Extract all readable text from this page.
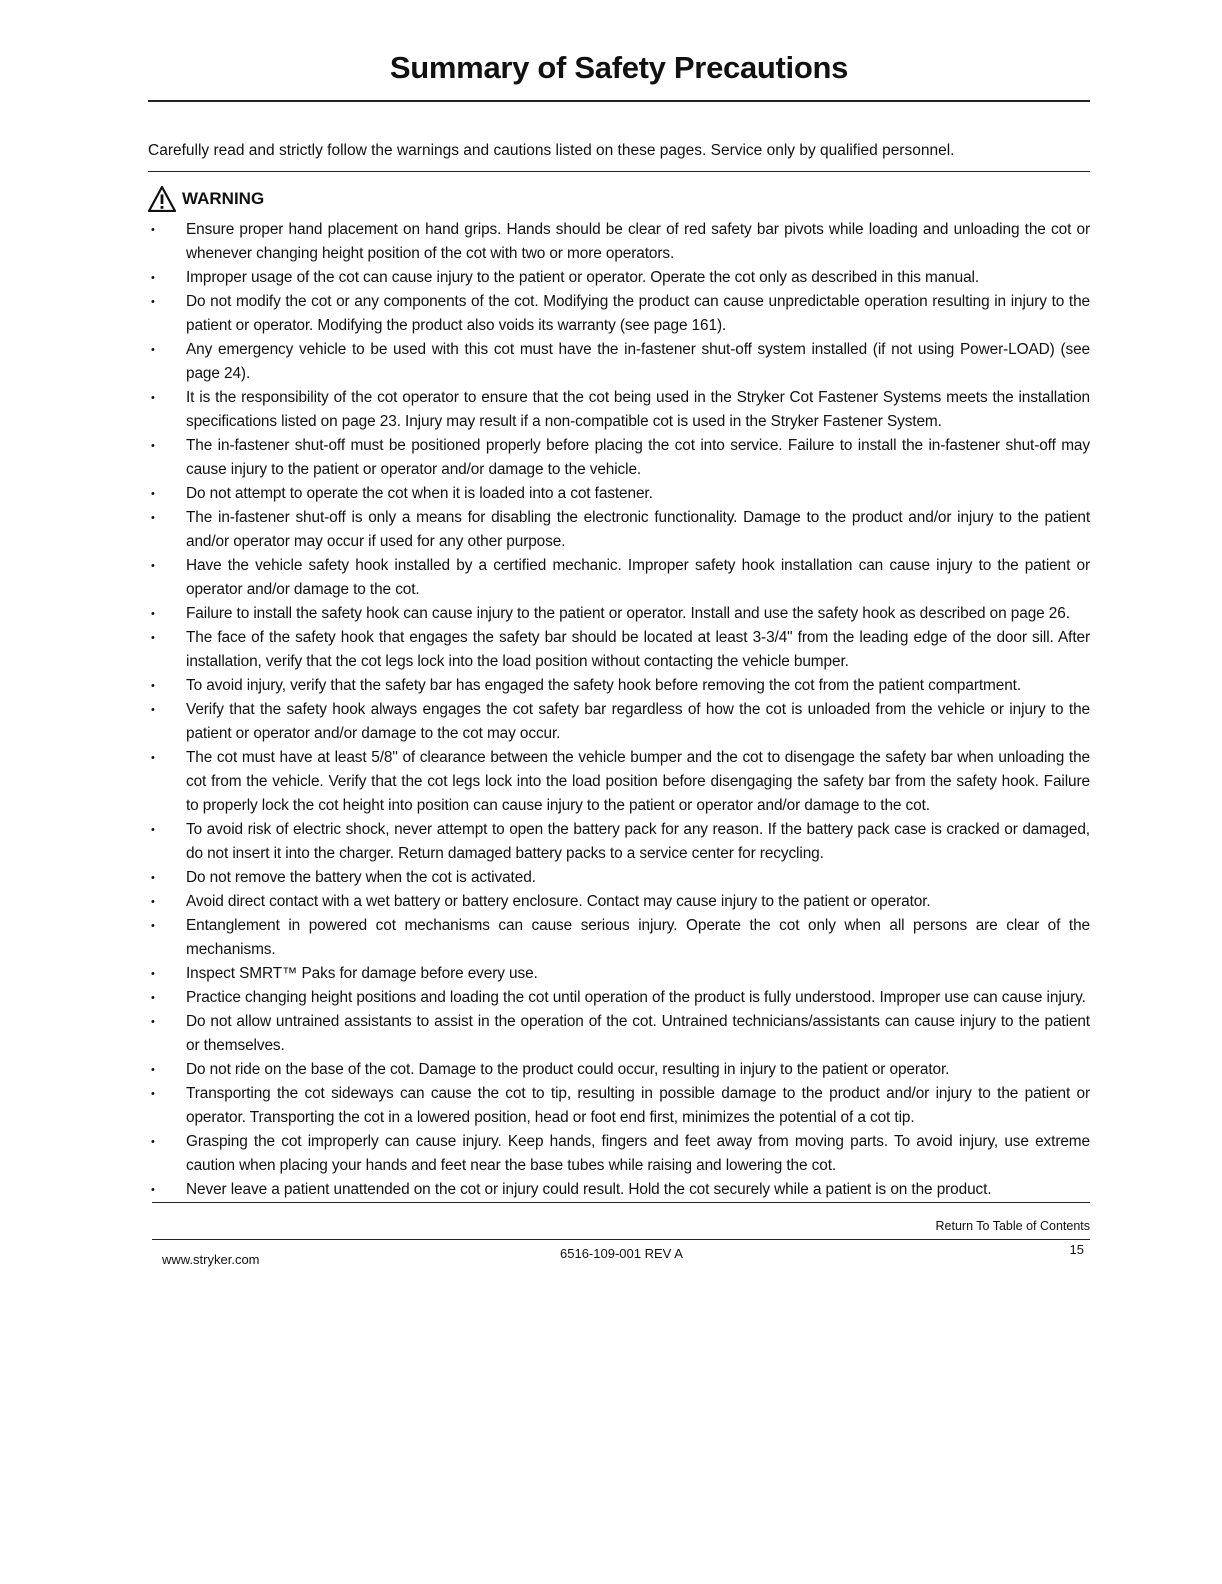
Summary of Safety Precautions

Carefully read and strictly follow the warnings and cautions listed on these pages. Service only by qualified personnel.

WARNING
• Ensure proper hand placement on hand grips. Hands should be clear of red safety bar pivots while loading and unloading the cot or whenever changing height position of the cot with two or more operators.
• Improper usage of the cot can cause injury to the patient or operator. Operate the cot only as described in this manual.
• Do not modify the cot or any components of the cot. Modifying the product can cause unpredictable operation resulting in injury to the patient or operator. Modifying the product also voids its warranty (see page 161).
• Any emergency vehicle to be used with this cot must have the in-fastener shut-off system installed (if not using Power-LOAD) (see page 24).
• It is the responsibility of the cot operator to ensure that the cot being used in the Stryker Cot Fastener Systems meets the installation specifications listed on page 23. Injury may result if a non-compatible cot is used in the Stryker Fastener System.
• The in-fastener shut-off must be positioned properly before placing the cot into service. Failure to install the in-fastener shut-off may cause injury to the patient or operator and/or damage to the vehicle.
• Do not attempt to operate the cot when it is loaded into a cot fastener.
• The in-fastener shut-off is only a means for disabling the electronic functionality. Damage to the product and/or injury to the patient and/or operator may occur if used for any other purpose.
• Have the vehicle safety hook installed by a certified mechanic. Improper safety hook installation can cause injury to the patient or operator and/or damage to the cot.
• Failure to install the safety hook can cause injury to the patient or operator. Install and use the safety hook as described on page 26.
• The face of the safety hook that engages the safety bar should be located at least 3-3/4" from the leading edge of the door sill. After installation, verify that the cot legs lock into the load position without contacting the vehicle bumper.
• To avoid injury, verify that the safety bar has engaged the safety hook before removing the cot from the patient compartment.
• Verify that the safety hook always engages the cot safety bar regardless of how the cot is unloaded from the vehicle or injury to the patient or operator and/or damage to the cot may occur.
• The cot must have at least 5/8" of clearance between the vehicle bumper and the cot to disengage the safety bar when unloading the cot from the vehicle. Verify that the cot legs lock into the load position before disengaging the safety bar from the safety hook. Failure to properly lock the cot height into position can cause injury to the patient or operator and/or damage to the cot.
• To avoid risk of electric shock, never attempt to open the battery pack for any reason. If the battery pack case is cracked or damaged, do not insert it into the charger. Return damaged battery packs to a service center for recycling.
• Do not remove the battery when the cot is activated.
• Avoid direct contact with a wet battery or battery enclosure. Contact may cause injury to the patient or operator.
• Entanglement in powered cot mechanisms can cause serious injury. Operate the cot only when all persons are clear of the mechanisms.
• Inspect SMRT™ Paks for damage before every use.
• Practice changing height positions and loading the cot until operation of the product is fully understood. Improper use can cause injury.
• Do not allow untrained assistants to assist in the operation of the cot. Untrained technicians/assistants can cause injury to the patient or themselves.
• Do not ride on the base of the cot. Damage to the product could occur, resulting in injury to the patient or operator.
• Transporting the cot sideways can cause the cot to tip, resulting in possible damage to the product and/or injury to the patient or operator. Transporting the cot in a lowered position, head or foot end first, minimizes the potential of a cot tip.
• Grasping the cot improperly can cause injury. Keep hands, fingers and feet away from moving parts. To avoid injury, use extreme caution when placing your hands and feet near the base tubes while raising and lowering the cot.
• Never leave a patient unattended on the cot or injury could result. Hold the cot securely while a patient is on the product.
Return To Table of Contents
www.stryker.com	6516-109-001 REV A	15
